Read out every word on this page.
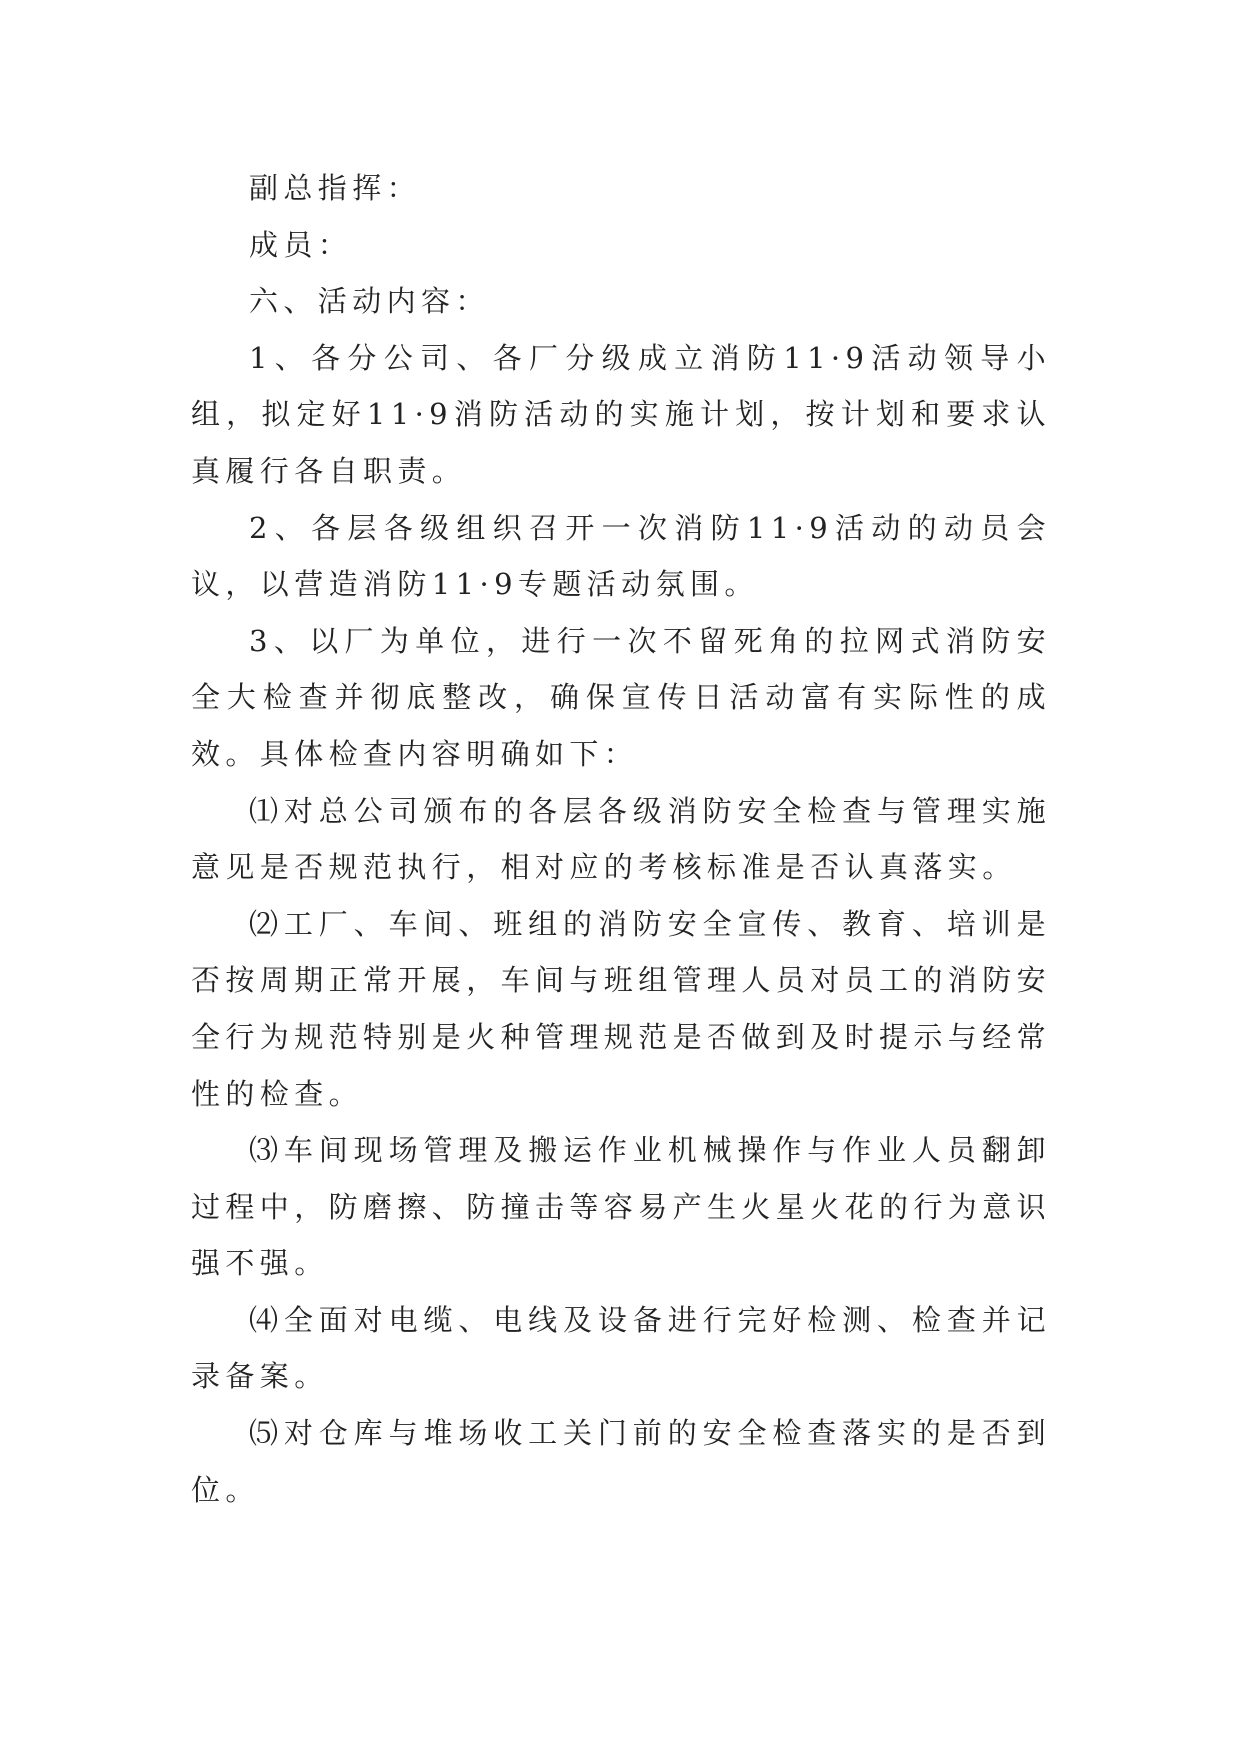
副总指挥：

成员：

六、活动内容：

1、各分公司、各厂分级成立消防11·9活动领导小组，拟定好11·9消防活动的实施计划，按计划和要求认真履行各自职责。

2、各层各级组织召开一次消防11·9活动的动员会议，以营造消防11·9专题活动氛围。

3、以厂为单位，进行一次不留死角的拉网式消防安全大检查并彻底整改，确保宣传日活动富有实际性的成效。具体检查内容明确如下：

⑴对总公司颁布的各层各级消防安全检查与管理实施意见是否规范执行，相对应的考核标准是否认真落实。

⑵工厂、车间、班组的消防安全宣传、教育、培训是否按周期正常开展，车间与班组管理人员对员工的消防安全行为规范特别是火种管理规范是否做到及时提示与经常性的检查。

⑶车间现场管理及搬运作业机械操作与作业人员翻卸过程中，防磨擦、防撞击等容易产生火星火花的行为意识强不强。

⑷全面对电缆、电线及设备进行完好检测、检查并记录备案。

⑸对仓库与堆场收工关门前的安全检查落实的是否到位。
